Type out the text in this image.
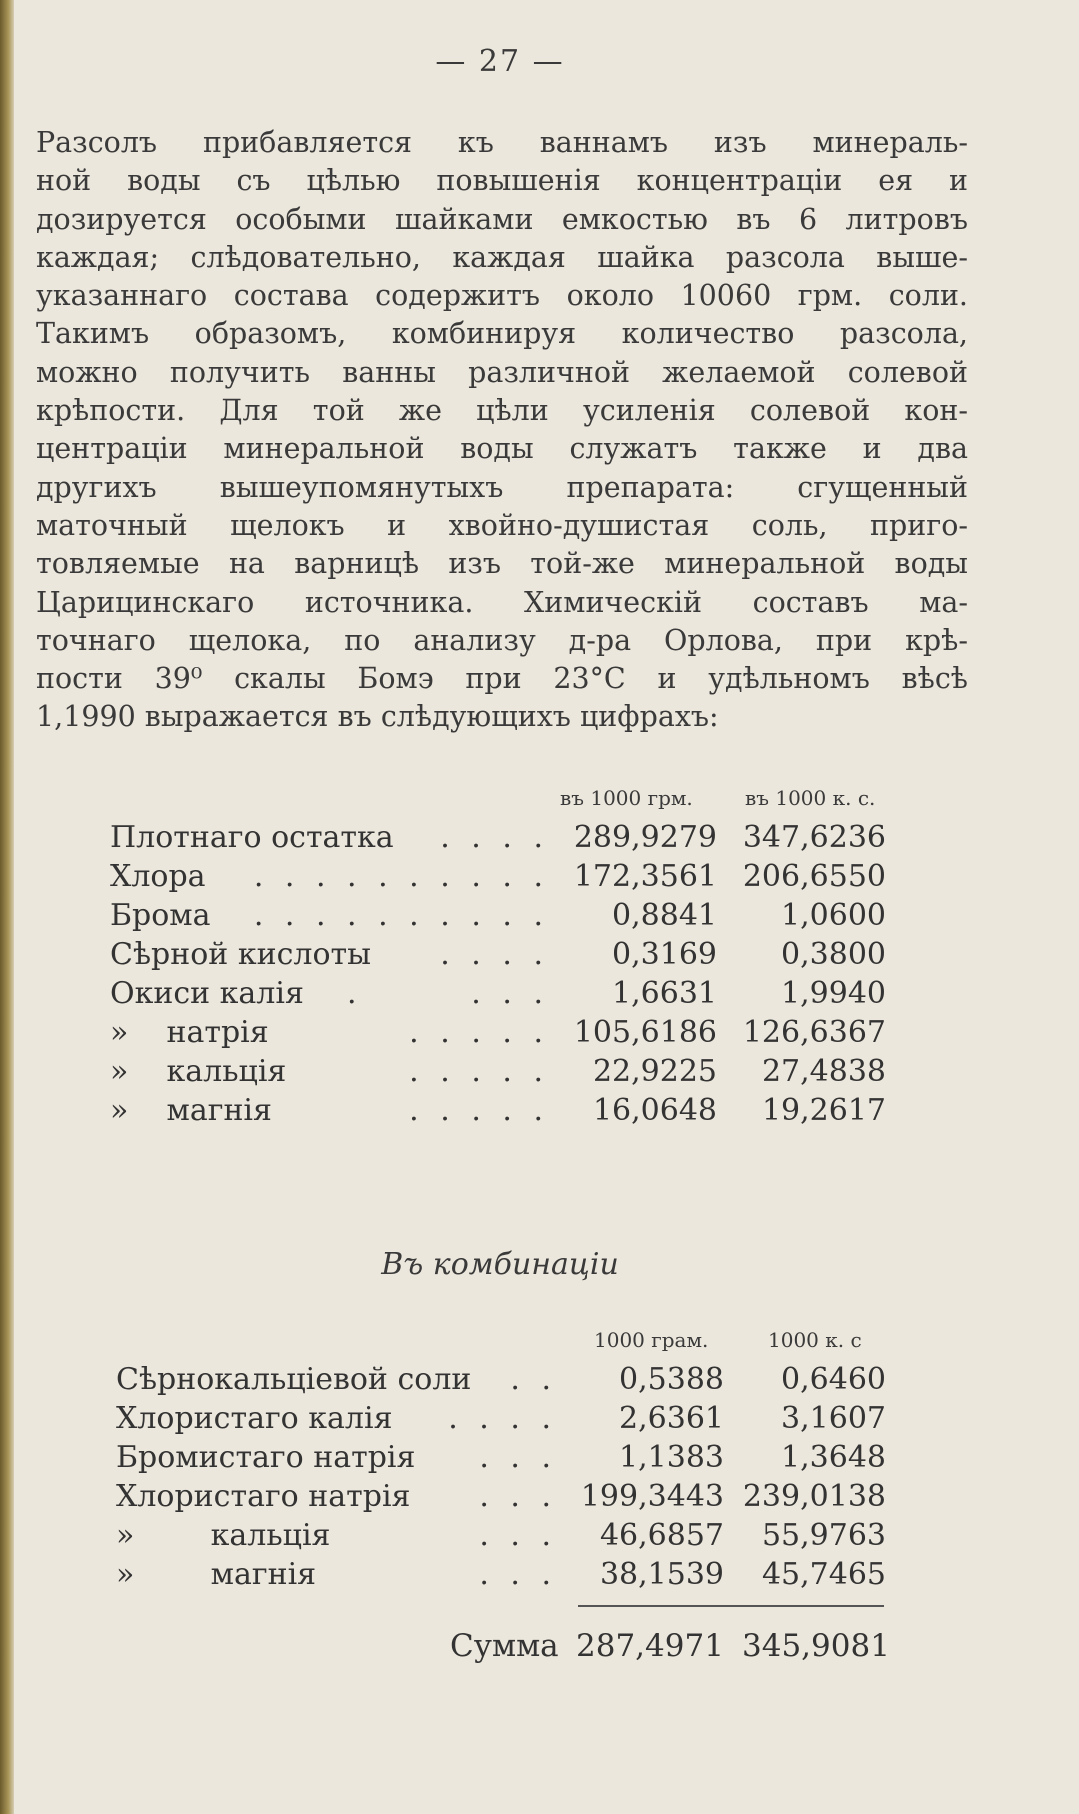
— 27 —
Разсолъ прибавляется къ ваннамъ изъ минераль-
ной воды съ цѣлью повышенія концентраціи ея и
дозируется особыми шайками емкостью въ 6 литровъ
каждая; слѣдовательно, каждая шайка разсола выше-
указаннаго состава содержитъ около 10060 грм. соли.
Такимъ образомъ, комбинируя количество разсола,
можно получить ванны различной желаемой солевой
крѣпости. Для той же цѣли усиленія солевой кон-
центраціи минеральной воды служатъ также и два
другихъ вышеупомянутыхъ препарата: сгущенный
маточный щелокъ и хвойно-душистая соль, приго-
товляемые на варницѣ изъ той-же минеральной воды
Царицинскаго источника. Химическій составъ ма-
точнаго щелока, по анализу д-ра Орлова, при крѣ-
пости 39⁰ скалы Бомэ при 23°С и удѣльномъ вѣсѣ
1,1990 выражается въ слѣдующихъ цифрахъ:
въ 1000 грм.	въ 1000 к. с.
Плотнаго остатка . . . . 289,9279 347,6236
Хлора . . . . . . . . . . 172,3561 206,6550
Брома . . . . . . . . . . 0,8841 1,0600
Сѣрной кислоты . . . . 0,3169 0,3800
Окиси калія .       . . . 1,6631 1,9940
»    натрія	. . . . . 105,6186 126,6367
»    кальція	. . . . . 22,9225 27,4838
»    магнія	. . . . . 16,0648 19,2617
Въ комбинаціи
1000 грам.	1000 к. с
Сѣрнокальціевой соли . . 0,5388 0,6460
Хлористаго калія . . . . 2,6361 3,1607
Бромистаго натрія . . . 1,1383 1,3648
Хлористаго натрія . . . 199,3443 239,0138
»        кальція	. . . 46,6857 55,9763
»        магнія	. . . 38,1539 45,7465
Сумма 287,4971 345,9081
